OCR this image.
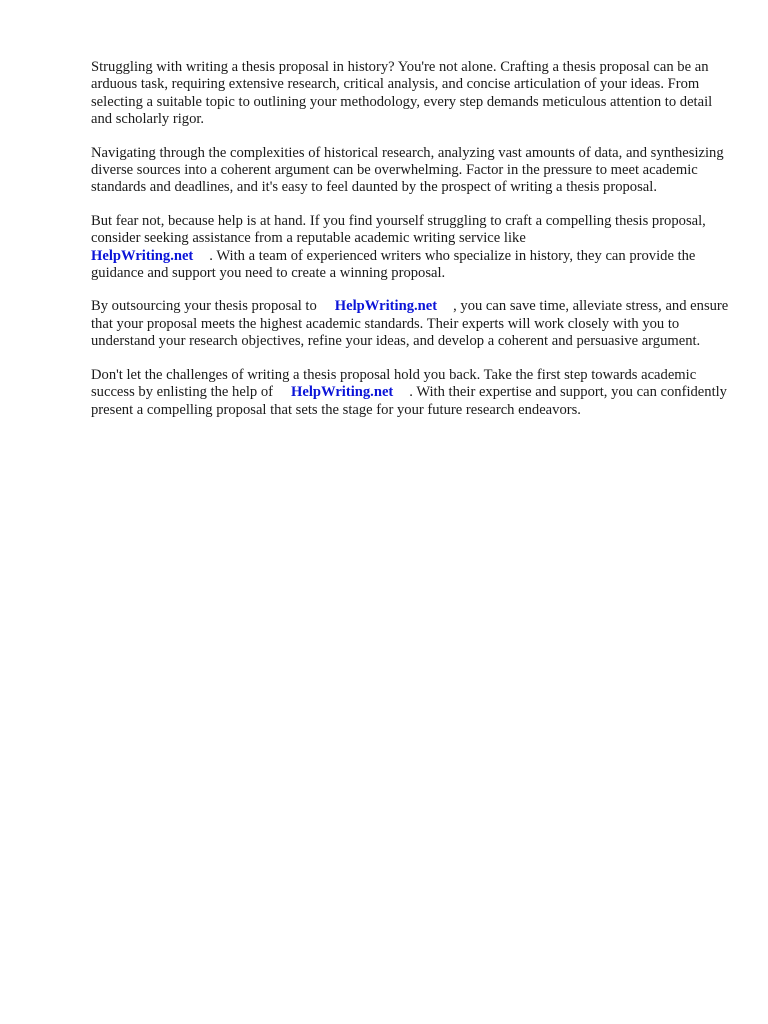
Struggling with writing a thesis proposal in history? You're not alone. Crafting a thesis proposal can be an arduous task, requiring extensive research, critical analysis, and concise articulation of your ideas. From selecting a suitable topic to outlining your methodology, every step demands meticulous attention to detail and scholarly rigor.

Navigating through the complexities of historical research, analyzing vast amounts of data, and synthesizing diverse sources into a coherent argument can be overwhelming. Factor in the pressure to meet academic standards and deadlines, and it's easy to feel daunted by the prospect of writing a thesis proposal.

But fear not, because help is at hand. If you find yourself struggling to craft a compelling thesis proposal, consider seeking assistance from a reputable academic writing service like
HelpWriting.net . With a team of experienced writers who specialize in history, they can provide the guidance and support you need to create a winning proposal.

By outsourcing your thesis proposal to HelpWriting.net , you can save time, alleviate stress, and ensure that your proposal meets the highest academic standards. Their experts will work closely with you to understand your research objectives, refine your ideas, and develop a coherent and persuasive argument.

Don't let the challenges of writing a thesis proposal hold you back. Take the first step towards academic success by enlisting the help of HelpWriting.net . With their expertise and support, you can confidently present a compelling proposal that sets the stage for your future research endeavors.
